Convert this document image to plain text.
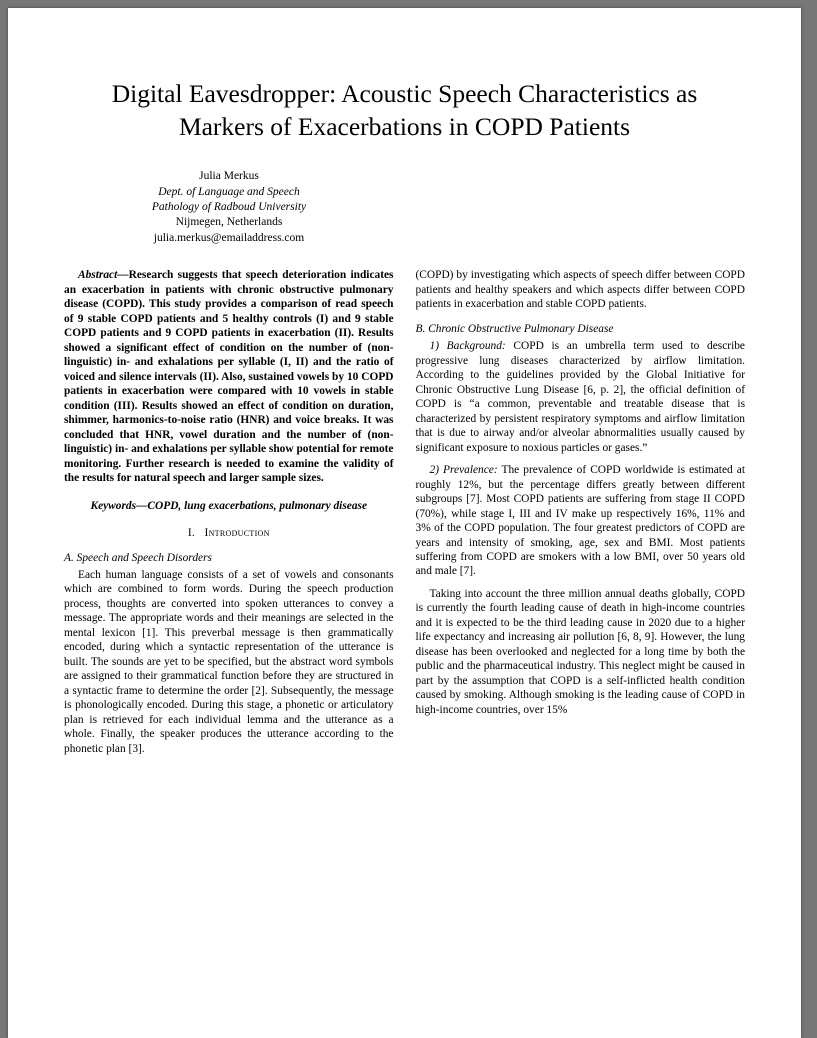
Digital Eavesdropper: Acoustic Speech Characteristics as Markers of Exacerbations in COPD Patients
Julia Merkus
Dept. of Language and Speech
Pathology of Radboud University
Nijmegen, Netherlands
julia.merkus@emailaddress.com

Abstract—Research suggests that speech deterioration indicates an exacerbation in patients with chronic obstructive pulmonary disease (COPD). This study provides a comparison of read speech of 9 stable COPD patients and 5 healthy controls (I) and 9 stable COPD patients and 9 COPD patients in exacerbation (II). Results showed a significant effect of condition on the number of (non-linguistic) in- and exhalations per syllable (I, II) and the ratio of voiced and silence intervals (II). Also, sustained vowels by 10 COPD patients in exacerbation were compared with 10 vowels in stable condition (III). Results showed an effect of condition on duration, shimmer, harmonics-to-noise ratio (HNR) and voice breaks. It was concluded that HNR, vowel duration and the number of (non-linguistic) in- and exhalations per syllable show potential for remote monitoring. Further research is needed to examine the validity of the results for natural speech and larger sample sizes.

Keywords—COPD, lung exacerbations, pulmonary disease

I. Introduction

A. Speech and Speech Disorders

Each human language consists of a set of vowels and consonants which are combined to form words. During the speech production process, thoughts are converted into spoken utterances to convey a message. The appropriate words and their meanings are selected in the mental lexicon [1]. This preverbal message is then grammatically encoded, during which a syntactic representation of the utterance is built. The sounds are yet to be specified, but the abstract word symbols are assigned to their grammatical function before they are structured in a syntactic frame to determine the order [2]. Subsequently, the message is phonologically encoded. During this stage, a phonetic or articulatory plan is retrieved for each individual lemma and the utterance as a whole. Finally, the speaker produces the utterance according to the phonetic plan [3].

(COPD) by investigating which aspects of speech differ between COPD patients and healthy speakers and which aspects differ between COPD patients in exacerbation and stable COPD patients.

B. Chronic Obstructive Pulmonary Disease

1) Background: COPD is an umbrella term used to describe progressive lung diseases characterized by airflow limitation. According to the guidelines provided by the Global Initiative for Chronic Obstructive Lung Disease [6, p. 2], the official definition of COPD is “a common, preventable and treatable disease that is characterized by persistent respiratory symptoms and airflow limitation that is due to airway and/or alveolar abnormalities usually caused by significant exposure to noxious particles or gases.”

2) Prevalence: The prevalence of COPD worldwide is estimated at roughly 12%, but the percentage differs greatly between different subgroups [7]. Most COPD patients are suffering from stage II COPD (70%), while stage I, III and IV make up respectively 16%, 11% and 3% of the COPD population. The four greatest predictors of COPD are years and intensity of smoking, age, sex and BMI. Most patients suffering from COPD are smokers with a low BMI, over 50 years old and male [7].

Taking into account the three million annual deaths globally, COPD is currently the fourth leading cause of death in high-income countries and it is expected to be the third leading cause in 2020 due to a higher life expectancy and increasing air pollution [6, 8, 9]. However, the lung disease has been overlooked and neglected for a long time by both the public and the pharmaceutical industry. This neglect might be caused in part by the assumption that COPD is a self-inflicted health condition caused by smoking. Although smoking is the leading cause of COPD in high-income countries, over 15%
